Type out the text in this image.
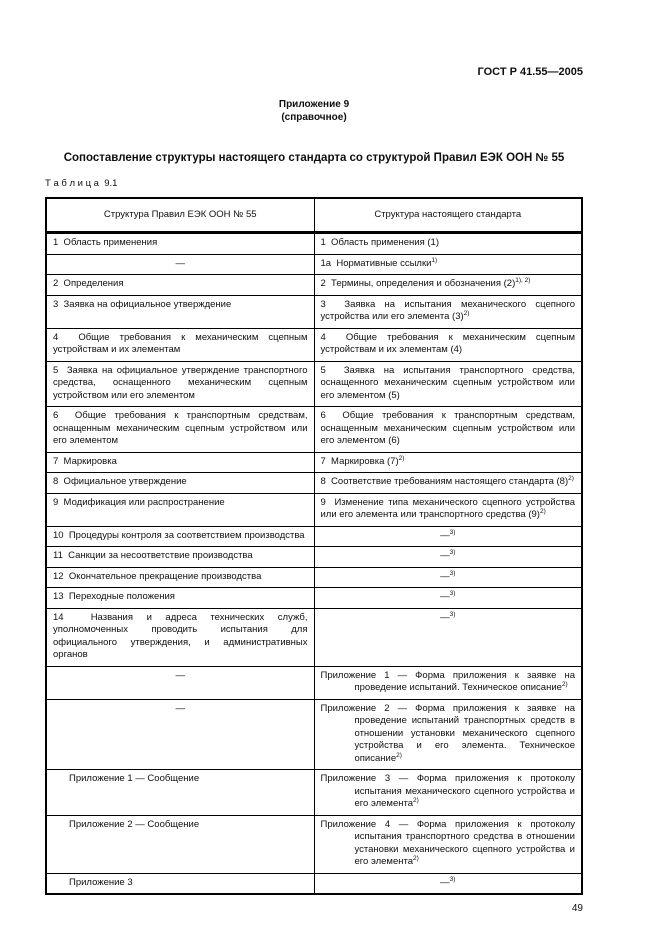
ГОСТ Р 41.55—2005
Приложение 9
(справочное)
Сопоставление структуры настоящего стандарта со структурой Правил ЕЭК ООН № 55
Т а б л и ц а  9.1
Структура Правил ЕЭК ООН № 55	Структура настоящего стандарта
1  Область применения	1  Область применения (1)
—	1а  Нормативные ссылки$^{1)}$
2  Определения	2  Термины, определения и обозначения $(2)^{1), 2)}$
3  Заявка на официальное утверждение	3  Заявка на испытания механического сцепного устройства или его элемента $(3)^{2)}$
4  Общие требования к механическим сцепным устройствам и их элементам	4  Общие требования к механическим сцепным устройствам и их элементам (4)
5  Заявка на официальное утверждение транспортного средства, оснащенного механическим сцепным устройством или его элементом	5  Заявка на испытания транспортного средства, оснащенного механическим сцепным устройством или его элементом (5)
6  Общие требования к транспортным средствам, оснащенным механическим сцепным устройством или его элементом	6  Общие требования к транспортным средствам, оснащенным механическим сцепным устройством или его элементом (6)
7  Маркировка	7  Маркировка $(7)^{2)}$
8  Официальное утверждение	8  Соответствие требованиям настоящего стандарта $(8)^{2)}$
9  Модификация или распространение	9  Изменение типа механического сцепного устройства или его элемента или транспортного средства $(9)^{2)}$
10  Процедуры контроля за соответствием производства	—$^{3)}$
11  Санкции за несоответствие производства	—$^{3)}$
12  Окончательное прекращение производства	—$^{3)}$
13  Переходные положения	—$^{3)}$
14  Названия и адреса технических служб, уполномоченных проводить испытания для официального утверждения, и административных органов	—$^{3)}$
—	Приложение 1 — Форма приложения к заявке на проведение испытаний. Техническое описание$^{2)}$
—	Приложение 2 — Форма приложения к заявке на проведение испытаний транспортных средств в отношении установки механического сцепного устройства и его элемента. Техническое описание$^{2)}$
Приложение 1 — Сообщение	Приложение 3 — Форма приложения к протоколу испытания механического сцепного устройства и его элемента$^{2)}$
Приложение 2 — Сообщение	Приложение 4 — Форма приложения к протоколу испытания транспортного средства в отношении установки механического сцепного устройства и его элемента$^{2)}$
Приложение 3	—$^{3)}$
49
